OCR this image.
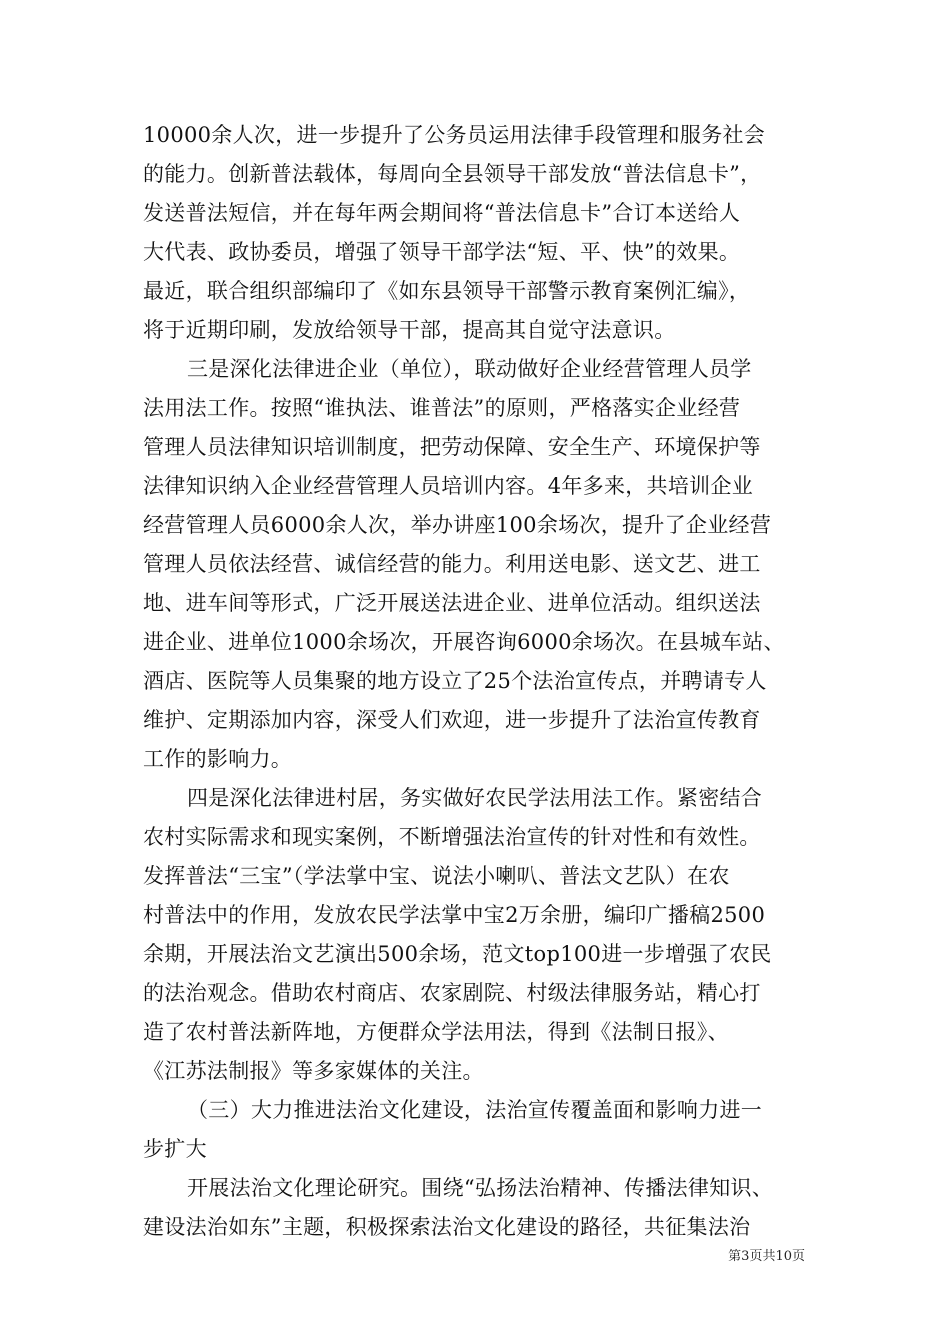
10000余人次，进一步提升了公务员运用法律手段管理和服务社会
的能力。创新普法载体，每周向全县领导干部发放“普法信息卡”，
发送普法短信，并在每年两会期间将“普法信息卡”合订本送给人
大代表、政协委员，增强了领导干部学法“短、平、快”的效果。
最近，联合组织部编印了《如东县领导干部警示教育案例汇编》，
将于近期印刷，发放给领导干部，提高其自觉守法意识。
三是深化法律进企业（单位），联动做好企业经营管理人员学
法用法工作。按照“谁执法、谁普法”的原则，严格落实企业经营
管理人员法律知识培训制度，把劳动保障、安全生产、环境保护等
法律知识纳入企业经营管理人员培训内容。4年多来，共培训企业
经营管理人员6000余人次，举办讲座100余场次，提升了企业经营
管理人员依法经营、诚信经营的能力。利用送电影、送文艺、进工
地、进车间等形式，广泛开展送法进企业、进单位活动。组织送法
进企业、进单位1000余场次，开展咨询6000余场次。在县城车站、
酒店、医院等人员集聚的地方设立了25个法治宣传点，并聘请专人
维护、定期添加内容，深受人们欢迎，进一步提升了法治宣传教育
工作的影响力。
四是深化法律进村居，务实做好农民学法用法工作。紧密结合
农村实际需求和现实案例，不断增强法治宣传的针对性和有效性。
发挥普法“三宝”（学法掌中宝、说法小喇叭、普法文艺队）在农
村普法中的作用，发放农民学法掌中宝2万余册，编印广播稿2500
余期，开展法治文艺演出500余场，范文top100进一步增强了农民
的法治观念。借助农村商店、农家剧院、村级法律服务站，精心打
造了农村普法新阵地，方便群众学法用法，得到《法制日报》、
《江苏法制报》等多家媒体的关注。
（三）大力推进法治文化建设，法治宣传覆盖面和影响力进一
步扩大
开展法治文化理论研究。围绕“弘扬法治精神、传播法律知识、
建设法治如东”主题，积极探索法治文化建设的路径，共征集法治
第3页共10页
